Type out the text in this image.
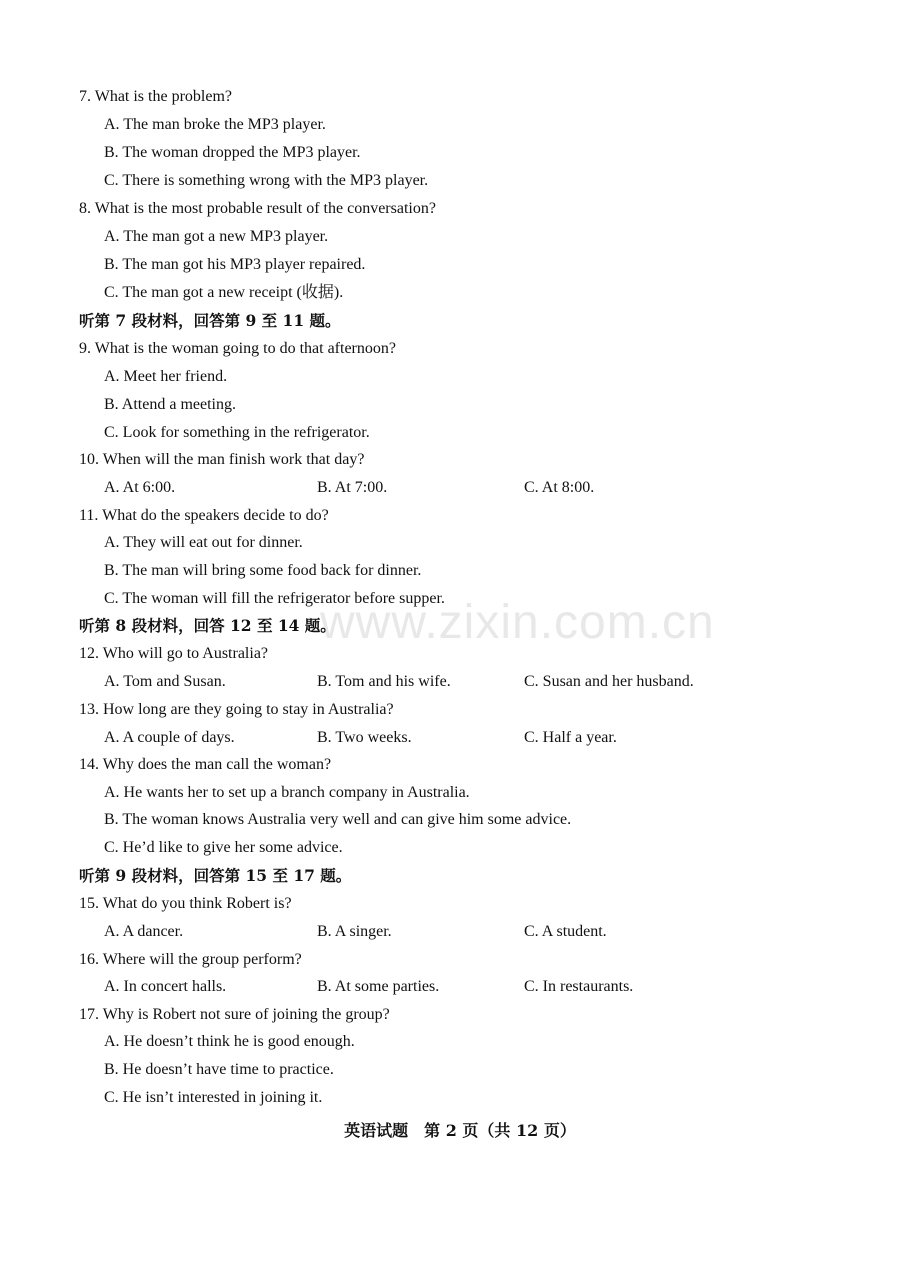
www.zixin.com.cn
7. What is the problem?
A. The man broke the MP3 player.
B. The woman dropped the MP3 player.
C. There is something wrong with the MP3 player.
8. What is the most probable result of the conversation?
A. The man got a new MP3 player.
B. The man got his MP3 player repaired.
C. The man got a new receipt (收据).
听第 7 段材料，回答第 9 至 11 题。
9. What is the woman going to do that afternoon?
A. Meet her friend.
B. Attend a meeting.
C. Look for something in the refrigerator.
10. When will the man finish work that day?
A. At 6:00.	B. At 7:00.	C. At 8:00.
11. What do the speakers decide to do?
A. They will eat out for dinner.
B. The man will bring some food back for dinner.
C. The woman will fill the refrigerator before supper.
听第 8 段材料，回答 12 至 14 题。
12. Who will go to Australia?
A. Tom and Susan.	B. Tom and his wife.	C. Susan and her husband.
13. How long are they going to stay in Australia?
A. A couple of days.	B. Two weeks.	C. Half a year.
14. Why does the man call the woman?
A. He wants her to set up a branch company in Australia.
B. The woman knows Australia very well and can give him some advice.
C. He’d like to give her some advice.
听第 9 段材料，回答第 15 至 17 题。
15. What do you think Robert is?
A. A dancer.	B. A singer.	C. A student.
16. Where will the group perform?
A. In concert halls.	B. At some parties.	C. In restaurants.
17. Why is Robert not sure of joining the group?
A. He doesn’t think he is good enough.
B. He doesn’t have time to practice.
C. He isn’t interested in joining it.
英语试题　第 2 页（共 12 页）
